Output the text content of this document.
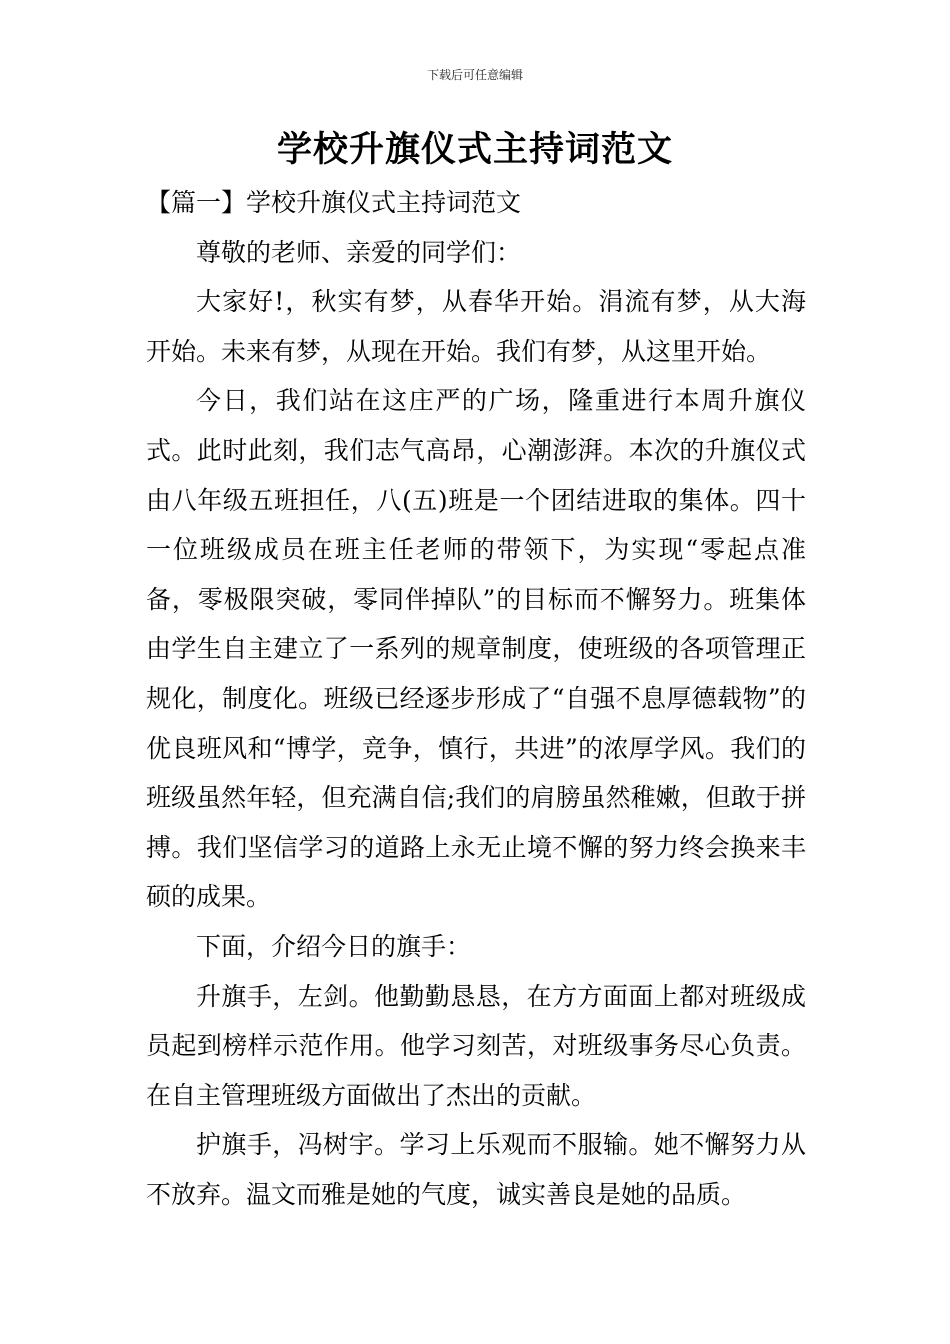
下载后可任意编辑
学校升旗仪式主持词范文

【篇一】学校升旗仪式主持词范文

尊敬的老师、亲爱的同学们：

大家好!，秋实有梦，从春华开始。涓流有梦，从大海开始。未来有梦，从现在开始。我们有梦，从这里开始。

今日，我们站在这庄严的广场，隆重进行本周升旗仪式。此时此刻，我们志气高昂，心潮澎湃。本次的升旗仪式由八年级五班担任，八(五)班是一个团结进取的集体。四十一位班级成员在班主任老师的带领下，为实现“零起点准备，零极限突破，零同伴掉队”的目标而不懈努力。班集体由学生自主建立了一系列的规章制度，使班级的各项管理正规化，制度化。班级已经逐步形成了“自强不息厚德载物”的优良班风和“博学，竞争，慎行，共进”的浓厚学风。我们的班级虽然年轻，但充满自信;我们的肩膀虽然稚嫩，但敢于拼搏。我们坚信学习的道路上永无止境不懈的努力终会换来丰硕的成果。

下面，介绍今日的旗手：

升旗手，左剑。他勤勤恳恳，在方方面面上都对班级成员起到榜样示范作用。他学习刻苦，对班级事务尽心负责。在自主管理班级方面做出了杰出的贡献。

护旗手，冯树宇。学习上乐观而不服输。她不懈努力从不放弃。温文而雅是她的气度，诚实善良是她的品质。
